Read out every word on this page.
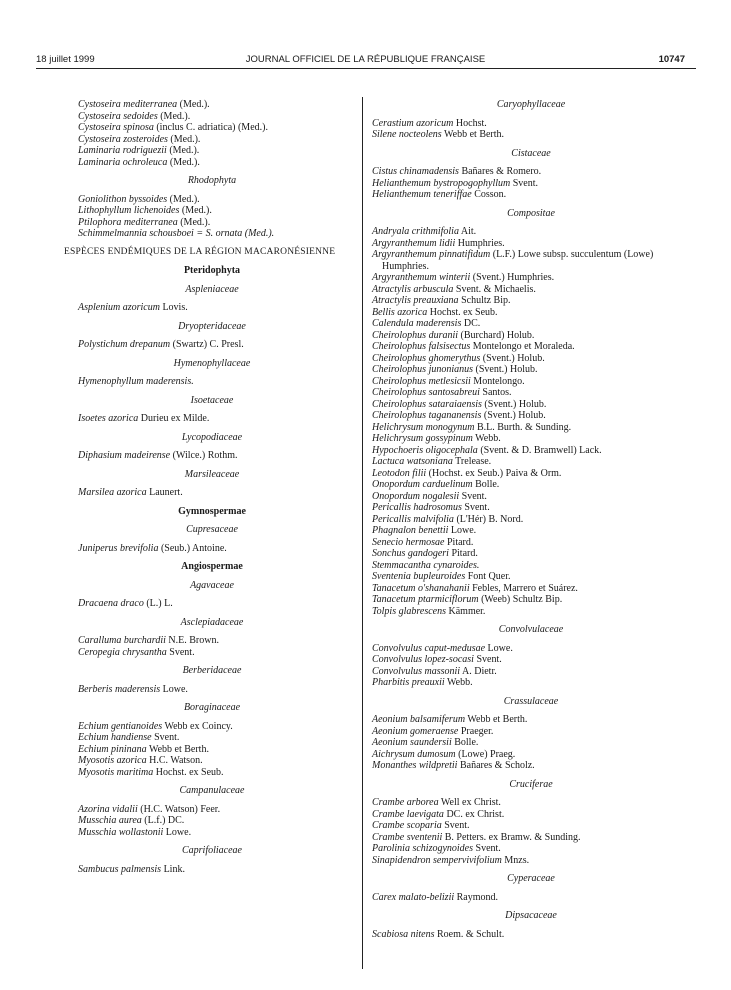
18 juillet 1999	JOURNAL OFFICIEL DE LA RÉPUBLIQUE FRANÇAISE	10747
Cystoseira mediterranea (Med.).
Cystoseira sedoides (Med.).
Cystoseira spinosa (inclus C. adriatica) (Med.).
Cystoseira zosteroides (Med.).
Laminaria rodriguezii (Med.).
Laminaria ochroleuca (Med.).
Rhodophyta
Goniolithon byssoides (Med.).
Lithophyllum lichenoides (Med.).
Ptilophora mediterranea (Med.).
Schimmelmannia schousboei = S. ornata (Med.).
ESPÈCES ENDÉMIQUES DE LA RÉGION MACARONÉSIENNE
Pteridophyta
Aspleniaceae
Asplenium azoricum Lovis.
Dryopteridaceae
Polystichum drepanum (Swartz) C. Presl.
Hymenophyllaceae
Hymenophyllum maderensis.
Isoetaceae
Isoetes azorica Durieu ex Milde.
Lycopodiaceae
Diphasium madeirense (Wilce.) Rothm.
Marsileaceae
Marsilea azorica Launert.
Gymnospermae
Cupresaceae
Juniperus brevifolia (Seub.) Antoine.
Angiospermae
Agavaceae
Dracaena draco (L.) L.
Asclepiadaceae
Caralluma burchardii N.E. Brown.
Ceropegia chrysantha Svent.
Berberidaceae
Berberis maderensis Lowe.
Boraginaceae
Echium gentianoides Webb ex Coincy.
Echium handiense Svent.
Echium pininana Webb et Berth.
Myosotis azorica H.C. Watson.
Myosotis maritima Hochst. ex Seub.
Campanulaceae
Azorina vidalii (H.C. Watson) Feer.
Musschia aurea (L.f.) DC.
Musschia wollastonii Lowe.
Caprifoliaceae
Sambucus palmensis Link.
Caryophyllaceae
Cerastium azoricum Hochst.
Silene nocteolens Webb et Berth.
Cistaceae
Cistus chinamadensis Bañares & Romero.
Helianthemum bystropogophyllum Svent.
Helianthemum teneriffae Cosson.
Compositae
Andryala crithmifolia Ait.
Argyranthemum lidii Humphries.
Argyranthemum pinnatifidum (L.F.) Lowe subsp. succulentum (Lowe) Humphries.
Argyranthemum winterii (Svent.) Humphries.
Atractylis arbuscula Svent. & Michaelis.
Atractylis preauxiana Schultz Bip.
Bellis azorica Hochst. ex Seub.
Calendula maderensis DC.
Cheirolophus duranii (Burchard) Holub.
Cheirolophus falsisectus Montelongo et Moraleda.
Cheirolophus ghomerythus (Svent.) Holub.
Cheirolophus junonianus (Svent.) Holub.
Cheirolophus metlesicsii Montelongo.
Cheirolophus santosabreui Santos.
Cheirolophus sataraiaensis (Svent.) Holub.
Cheirolophus tagananensis (Svent.) Holub.
Helichrysum monogynum B.L. Burth. & Sunding.
Helichrysum gossypinum Webb.
Hypochoeris oligocephala (Svent. & D. Bramwell) Lack.
Lactuca watsoniana Trelease.
Leotodon filii (Hochst. ex Seub.) Paiva & Orm.
Onopordum carduelinum Bolle.
Onopordum nogalesii Svent.
Pericallis hadrosomus Svent.
Pericallis malvifolia (L'Hér) B. Nord.
Phagnalon benettii Lowe.
Senecio hermosae Pitard.
Sonchus gandogeri Pitard.
Stemmacantha cynaroides.
Sventenia bupleuroides Font Quer.
Tanacetum o'shanahanii Febles, Marrero et Suárez.
Tanacetum ptarmiciflorum (Weeb) Schultz Bip.
Tolpis glabrescens Kämmer.
Convolvulaceae
Convolvulus caput-medusae Lowe.
Convolvulus lopez-socasi Svent.
Convolvulus massonii A. Dietr.
Pharbitis preauxii Webb.
Crassulaceae
Aeonium balsamiferum Webb et Berth.
Aeonium gomeraense Praeger.
Aeonium saundersii Bolle.
Aichrysum dumosum (Lowe) Praeg.
Monanthes wildpretii Bañares & Scholz.
Cruciferae
Crambe arborea Well ex Christ.
Crambe laevigata DC. ex Christ.
Crambe scoparia Svent.
Crambe sventenii B. Petters. ex Bramw. & Sunding.
Parolinia schizogynoides Svent.
Sinapidendron sempervivifolium Mnzs.
Cyperaceae
Carex malato-belizii Raymond.
Dipsacaceae
Scabiosa nitens Roem. & Schult.
